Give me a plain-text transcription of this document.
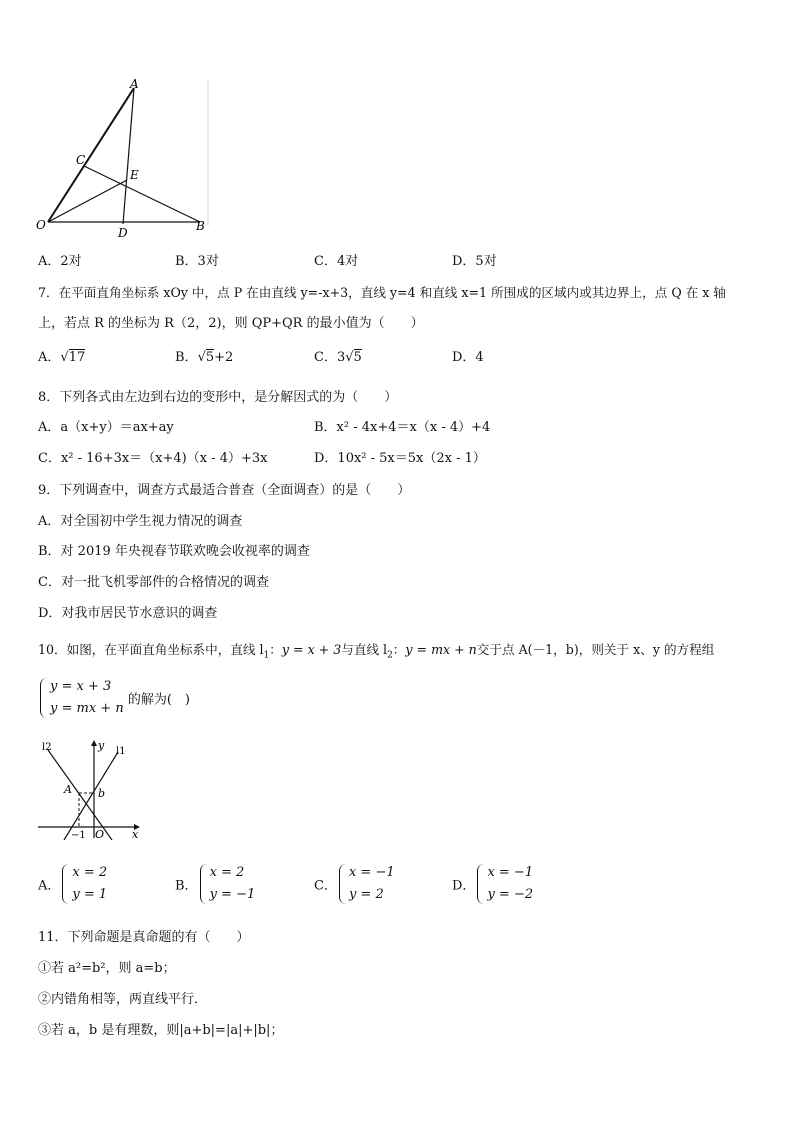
A
C
E
O
D	B
A．2对	B．3对	C．4对	D．5对
7．在平面直角坐标系 xOy 中，点 P 在由直线 y=-x+3，直线 y=4 和直线 x=1 所围成的区域内或其边界上，点 Q 在 x 轴
上，若点 R 的坐标为 R（2，2)，则 QP+QR 的最小值为（　　）
A．√17	B．√5+2	C．3√5	D．4
8．下列各式由左边到右边的变形中，是分解因式的为（　　）
A．a（x+y）＝ax+ay	B．x² - 4x+4＝x（x - 4）+4
C．x² - 16+3x＝（x+4)（x - 4）+3x	D．10x² - 5x＝5x（2x - 1）
9．下列调查中，调查方式最适合普查（全面调查）的是（　　）
A．对全国初中学生视力情况的调查
B．对 2019 年央视春节联欢晚会收视率的调查
C．对一批飞机零部件的合格情况的调查
D．对我市居民节水意识的调查
10．如图，在平面直角坐标系中，直线 $l_1$：y = x + 3与直线 $l_2$：y = mx + n交于点 A(－1，b)，则关于 x、y 的方程组
y = x + 3
y = mx + n
的解为(　)
l2	y l1
A b
−1 O	x
A．
x = 2
y = 1
B．
x = 2
y = −1
C．
x = −1
y = 2
D．
x = −1
y = −2
11．下列命题是真命题的有（　　）
①若 a²=b²，则 a=b；
②内错角相等，两直线平行．
③若 a，b 是有理数，则|a+b|=|a|+|b|；
